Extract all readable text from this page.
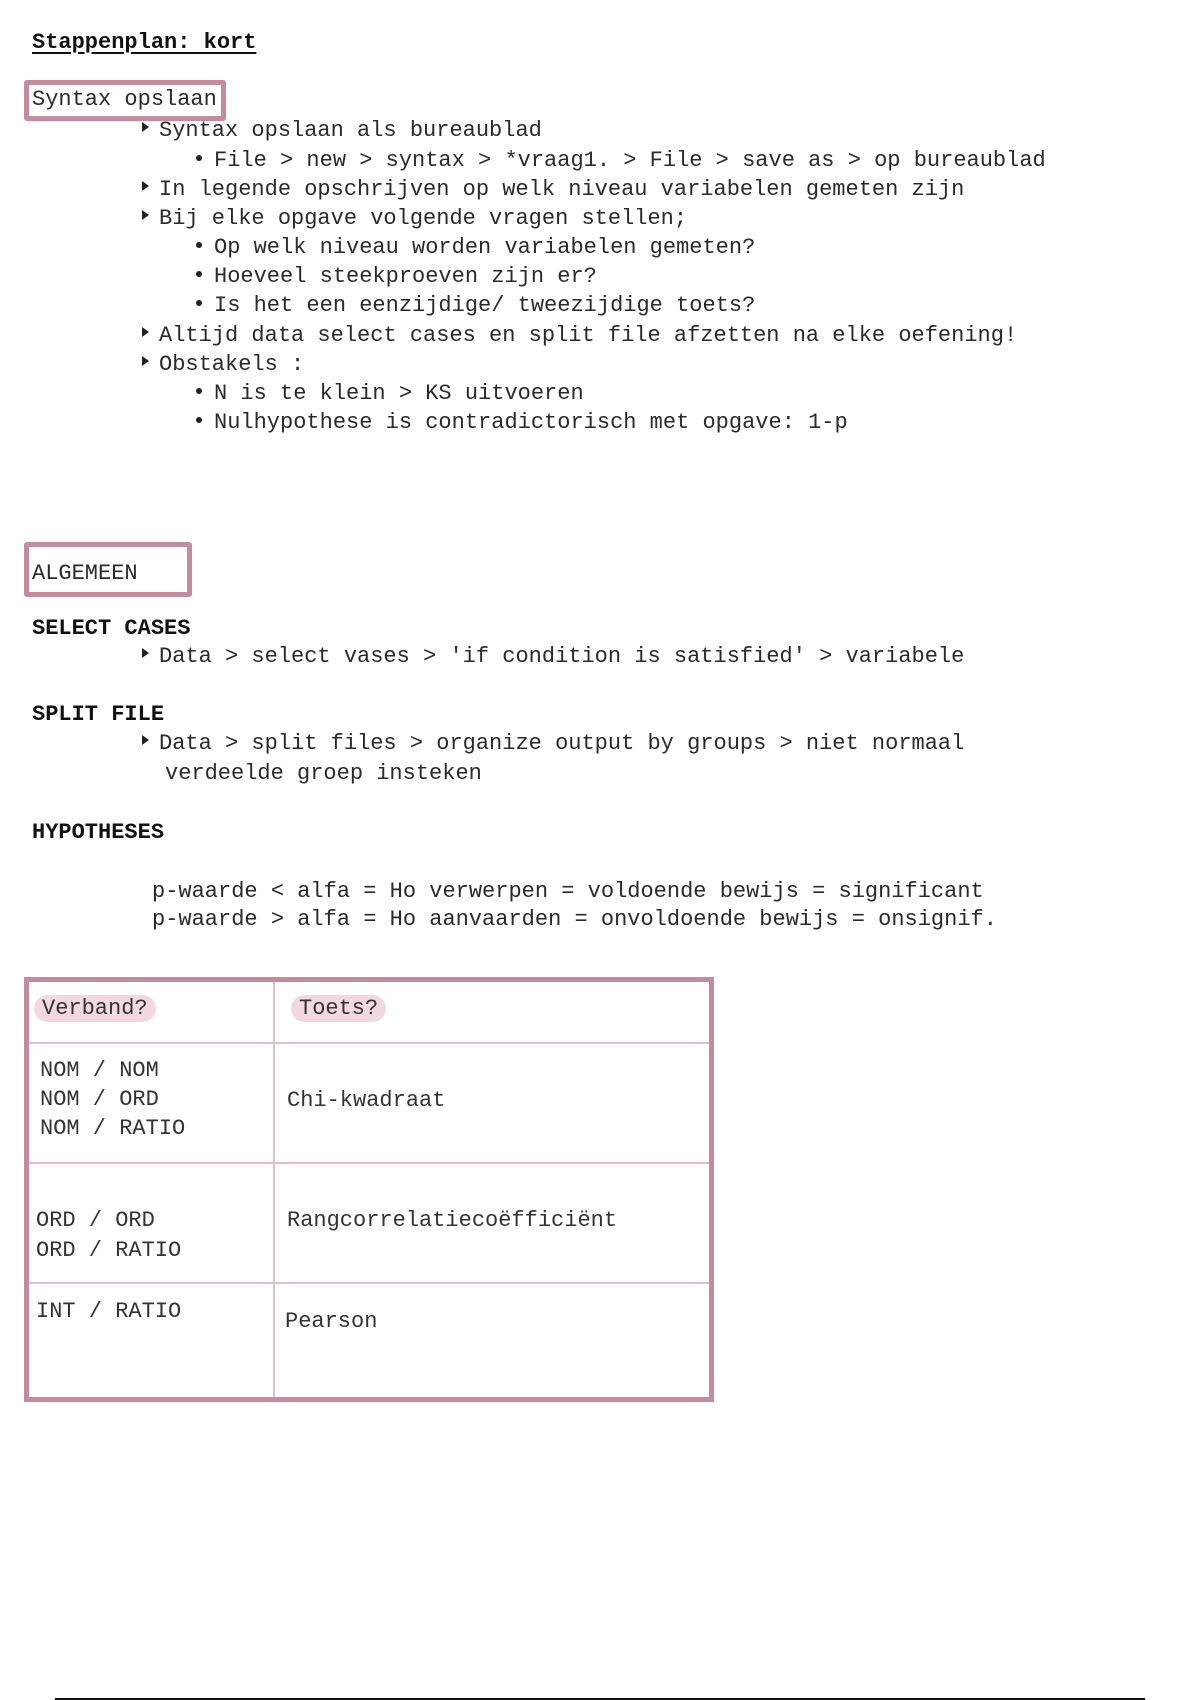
Stappenplan: kort
Syntax opslaan
Syntax opslaan als bureaublad
File > new > syntax > *vraag1. > File > save as > op bureaublad
In legende opschrijven op welk niveau variabelen gemeten zijn
Bij elke opgave volgende vragen stellen;
Op welk niveau worden variabelen gemeten?
Hoeveel steekproeven zijn er?
Is het een eenzijdige/ tweezijdige toets?
Altijd data select cases en split file afzetten na elke oefening!
Obstakels :
N is te klein > KS uitvoeren
Nulhypothese is contradictorisch met opgave: 1-p
ALGEMEEN
SELECT CASES
Data > select vases > 'if condition is satisfied' > variabele
SPLIT FILE
Data > split files > organize output by groups > niet normaal
verdeelde groep insteken
HYPOTHESES
p-waarde < alfa = Ho verwerpen = voldoende bewijs = significant
p-waarde > alfa = Ho aanvaarden = onvoldoende bewijs = onsignif.
Verband?	Toets?
NOM / NOM
NOM / ORD
NOM / RATIO
Chi-kwadraat
ORD / ORD
ORD / RATIO
Rangcorrelatiecoëfficiënt
INT / RATIO	Pearson
